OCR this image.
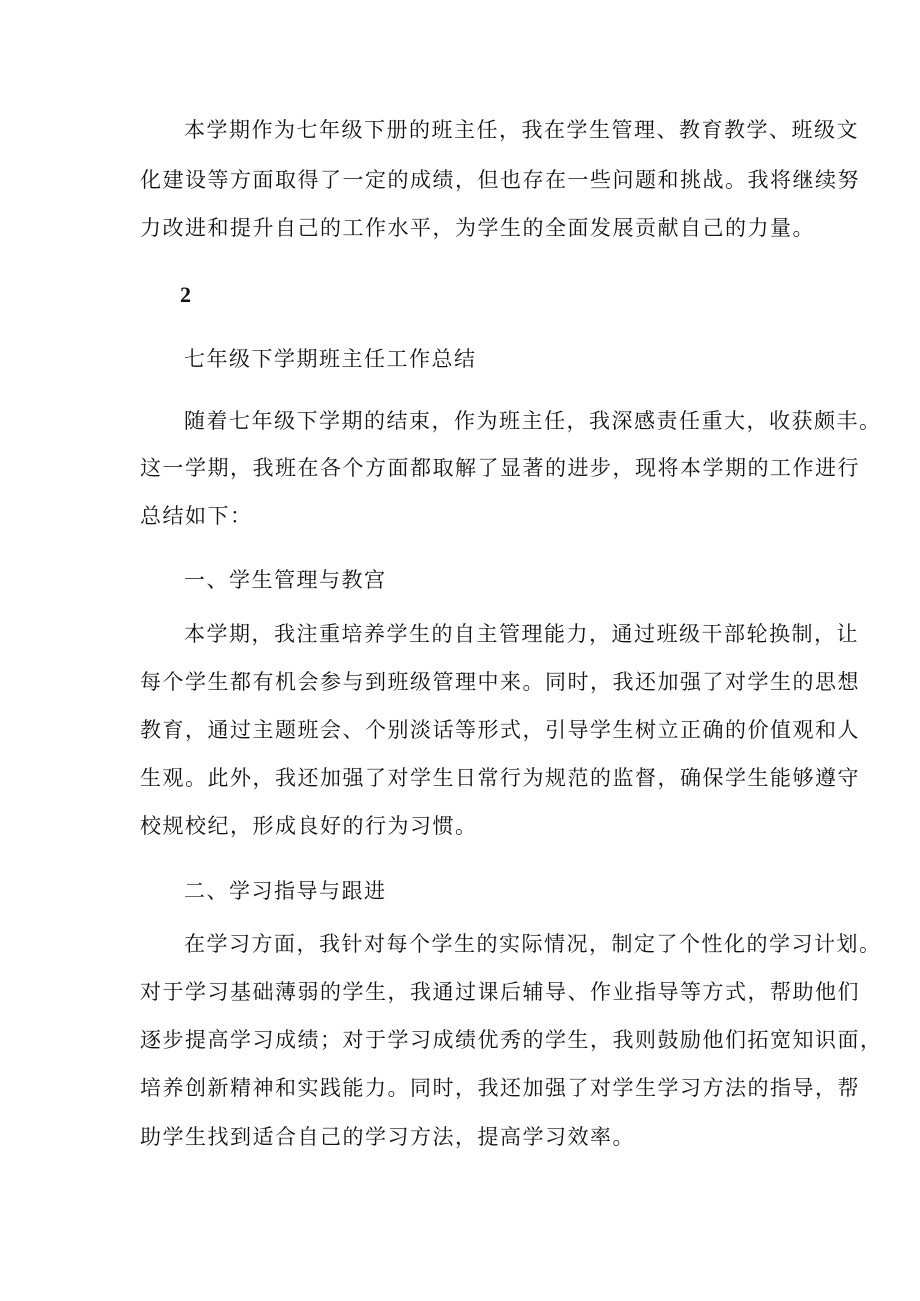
本学期作为七年级下册的班主任，我在学生管理、教育教学、班级文
化建设等方面取得了一定的成绩，但也存在一些问题和挑战。我将继续努
力改进和提升自己的工作水平，为学生的全面发展贡献自己的力量。
2
七年级下学期班主任工作总结
随着七年级下学期的结束，作为班主任，我深感责任重大，收获颇丰。
这一学期，我班在各个方面都取解了显著的进步，现将本学期的工作进行
总结如下：
一、学生管理与教宫
本学期，我注重培养学生的自主管理能力，通过班级干部轮换制，让
每个学生都有机会参与到班级管理中来。同时，我还加强了对学生的思想
教育，通过主题班会、个别淡话等形式，引导学生树立正确的价值观和人
生观。此外，我还加强了对学生日常行为规范的监督，确保学生能够遵守
校规校纪，形成良好的行为习惯。
二、学习指导与跟进
在学习方面，我针对每个学生的实际情况，制定了个性化的学习计划。
对于学习基础薄弱的学生，我通过课后辅导、作业指导等方式，帮助他们
逐步提高学习成绩；对于学习成绩优秀的学生，我则鼓励他们拓宽知识面，
培养创新精神和实践能力。同时，我还加强了对学生学习方法的指导，帮
助学生找到适合自己的学习方法，提高学习效率。
